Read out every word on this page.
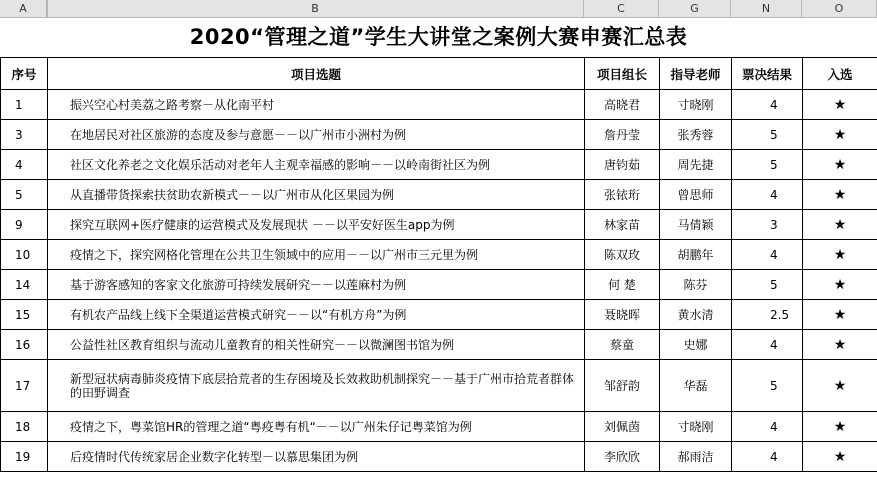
A	B	C	G	N	O
2020“管理之道”学生大讲堂之案例大赛申赛汇总表
序号	项目选题	项目组长	指导老师	票决结果	入选
1	振兴空心村美荔之路考察－从化南平村	高晓君	寸晓刚	4	★
3	在地居民对社区旅游的态度及参与意愿－－以广州市小洲村为例	詹丹莹	张秀蓉	5	★
4	社区文化养老之文化娱乐活动对老年人主观幸福感的影响－－以岭南街社区为例	唐钧茹	周先捷	5	★
5	从直播带货探索扶贫助农新模式－－以广州市从化区果园为例	张铱珩	曾思师	4	★
9	探究互联网+医疗健康的运营模式及发展现状 －－以平安好医生app为例	林家苗	马倩颖	3	★
10	疫情之下，探究网格化管理在公共卫生领域中的应用－－以广州市三元里为例	陈双玫	胡鹏年	4	★
14	基于游客感知的客家文化旅游可持续发展研究－－以莲麻村为例	何 楚	陈芬	5	★
15	有机农产品线上线下全渠道运营模式研究－－以“有机方舟”为例	聂晓晖	黄水清	2.5	★
16	公益性社区教育组织与流动儿童教育的相关性研究－－以微澜图书馆为例	蔡童	史娜	4	★
17	新型冠状病毒肺炎疫情下底层拾荒者的生存困境及长效救助机制探究－－基于广州市拾荒者群体的田野调查	邹舒韵	华磊	5	★
18	疫情之下，粤菜馆HR的管理之道“粤疫粤有机“－－以广州朱仔记粤菜馆为例	刘佩茵	寸晓刚	4	★
19	后疫情时代传统家居企业数字化转型－以慕思集团为例	李欣欣	郝雨洁	4	★
